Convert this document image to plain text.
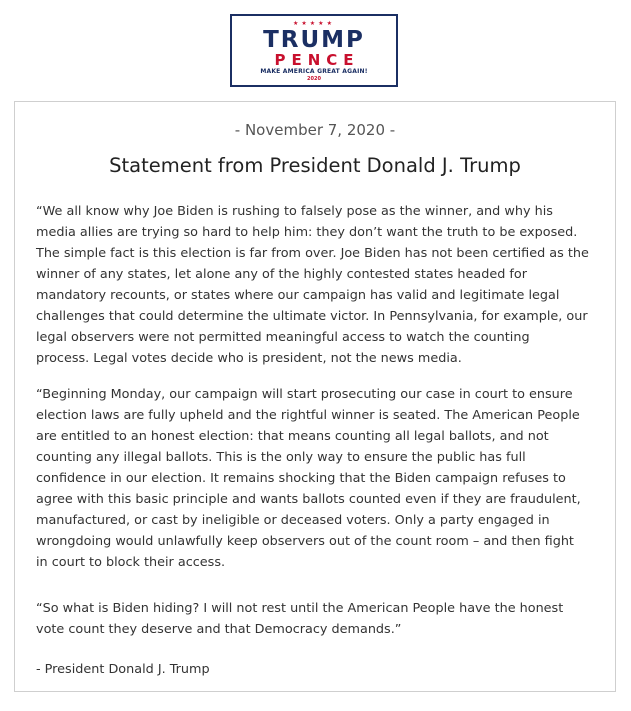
★★★★★
TRUMP
PENCE
MAKE AMERICA GREAT AGAIN!
2020
- November 7, 2020 -
Statement from President Donald J. Trump

“We all know why Joe Biden is rushing to falsely pose as the winner, and why his
media allies are trying so hard to help him: they don’t want the truth to be exposed.
The simple fact is this election is far from over. Joe Biden has not been certified as the
winner of any states, let alone any of the highly contested states headed for
mandatory recounts, or states where our campaign has valid and legitimate legal
challenges that could determine the ultimate victor. In Pennsylvania, for example, our
legal observers were not permitted meaningful access to watch the counting
process. Legal votes decide who is president, not the news media.

“Beginning Monday, our campaign will start prosecuting our case in court to ensure
election laws are fully upheld and the rightful winner is seated. The American People
are entitled to an honest election: that means counting all legal ballots, and not
counting any illegal ballots. This is the only way to ensure the public has full
confidence in our election. It remains shocking that the Biden campaign refuses to
agree with this basic principle and wants ballots counted even if they are fraudulent,
manufactured, or cast by ineligible or deceased voters. Only a party engaged in
wrongdoing would unlawfully keep observers out of the count room – and then fight
in court to block their access.

“So what is Biden hiding? I will not rest until the American People have the honest
vote count they deserve and that Democracy demands.”

- President Donald J. Trump
